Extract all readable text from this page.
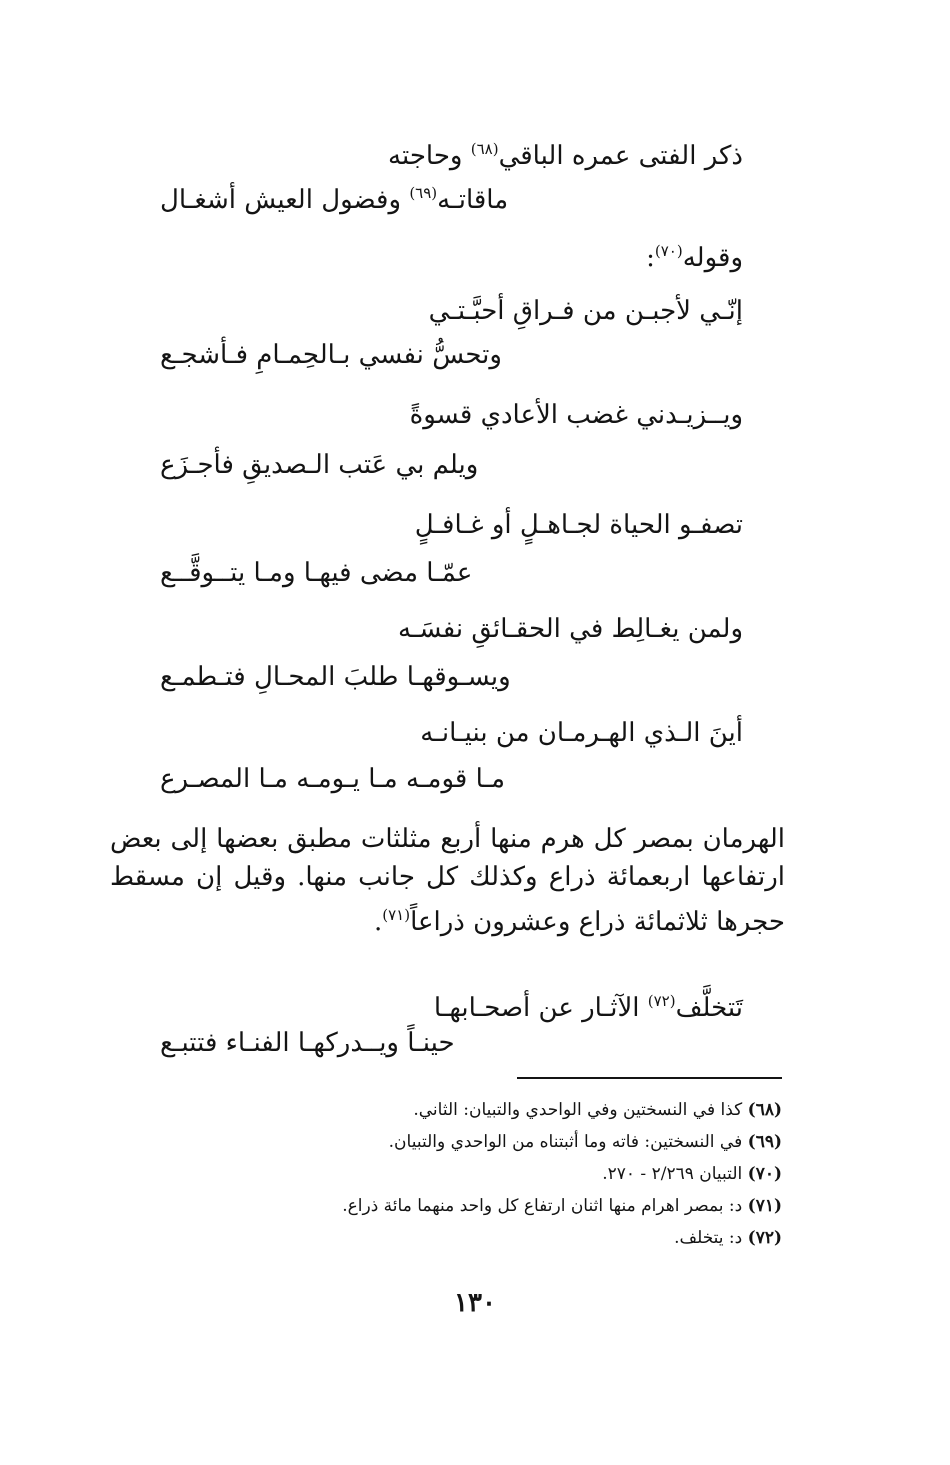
ذكر الفتى عمره الباقي$^{(٦٨)}$ وحاجته
ماقاتـه$^{(٦٩)}$ وفضول العيش أشغـال
وقوله$^{(٧٠)}$:
إنّـي لأجبـن من فـراقِ أحبَّـتـي
وتحسُّ نفسي بـالحِمـامِ فـأشجـع
ويــزيـدني غضب الأعادي قسوةً
ويلم بي عَتب الـصديقِ فأجـزَع
تصفـو الحياة لجـاهـلٍ أو غـافـلٍ
عمّـا مضى فيهـا ومـا يتــوقَّــع
ولمن يغـالِط في الحقـائقِ نفسَـه
ويسـوقهـا طلبَ المحـالِ فتـطمـع
أينَ الـذي الهـرمـان من بنيـانـه
مـا قومـه مـا يـومـه مـا المصـرع

الهرمان بمصر كل هرم منها أربع مثلثات مطبق بعضها إلى بعض ارتفاعها اربعمائة ذراع وكذلك كل جانب منها. وقيل إن مسقط حجرها ثلاثمائة ذراع وعشرون ذراعاً$^{(٧١)}$.

تَتخلَّف$^{(٧٢)}$ الآثـار عن أصحـابهـا
حينـاً ويــدركهـا الفنـاء فتتبـع
(٦٨) كذا في النسختين وفي الواحدي والتبيان: الثاني.
(٦٩) في النسختين: فاته وما أثبتناه من الواحدي والتبيان.
(٧٠) التبيان ٢/٢٦٩ - ٢٧٠.
(٧١) د: بمصر اهرام منها اثنان ارتفاع كل واحد منهما مائة ذراع.
(٧٢) د: يتخلف.
١٣٠
